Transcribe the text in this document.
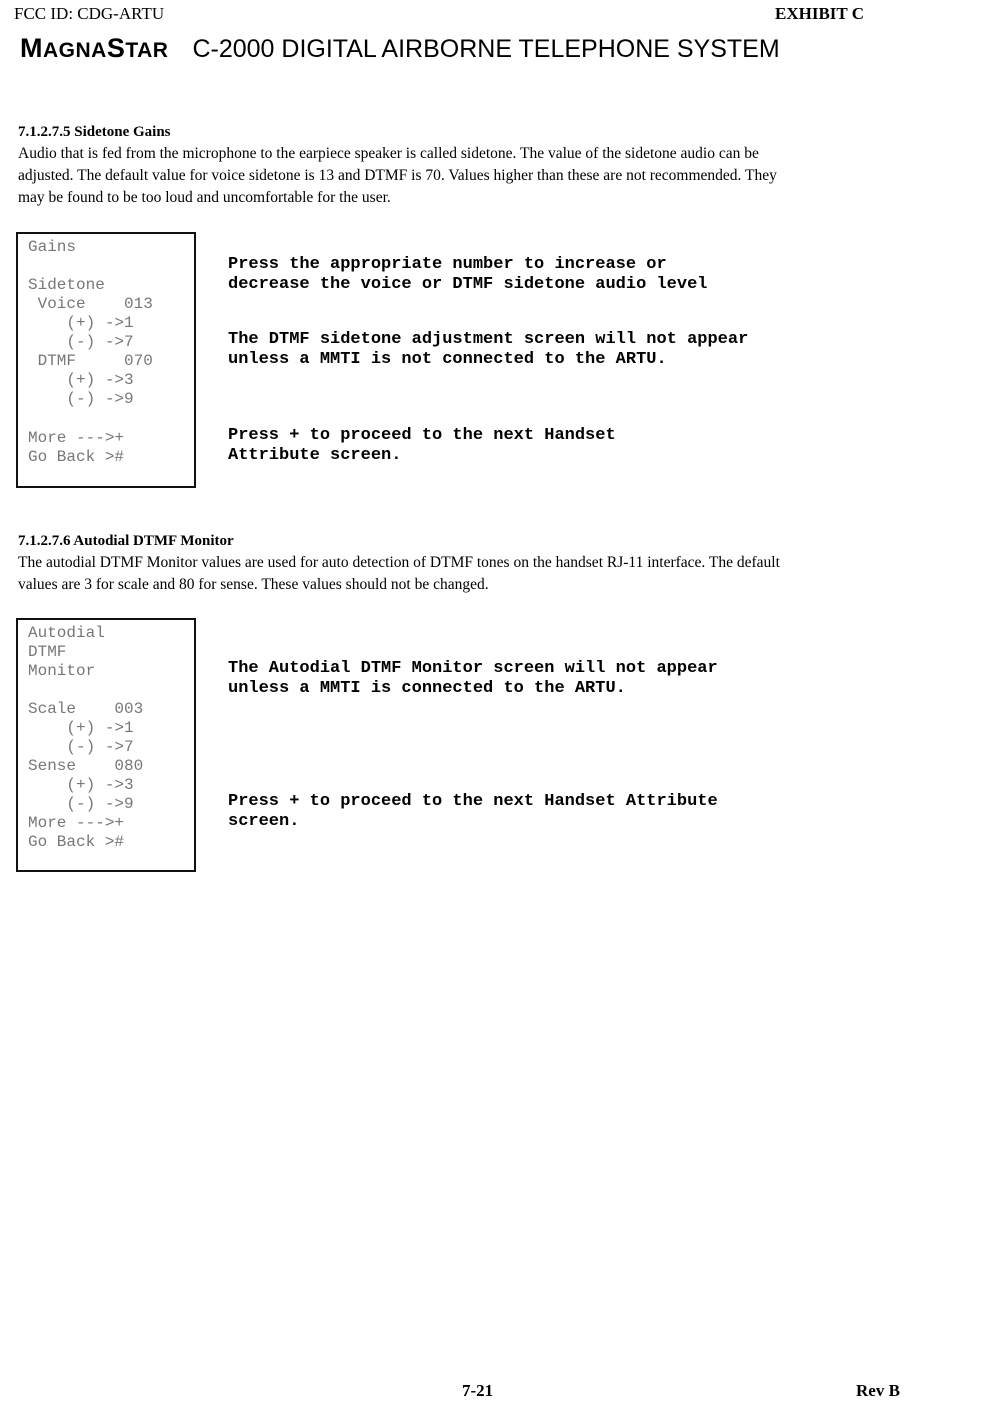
FCC ID: CDG-ARTU	EXHIBIT C
MAGNASTAR C-2000 DIGITAL AIRBORNE TELEPHONE SYSTEM
7.1.2.7.5 Sidetone Gains
Audio that is fed from the microphone to the earpiece speaker is called sidetone. The value of the sidetone audio can be
adjusted. The default value for voice sidetone is 13 and DTMF is 70. Values higher than these are not recommended. They
may be found to be too loud and uncomfortable for the user.
Gains
Sidetone
Voice    013
(+) ->1
(-) ->7
DTMF     070
(+) ->3
(-) ->9
More --->+
Go Back >#
Press the appropriate number to increase or
decrease the voice or DTMF sidetone audio level
The DTMF sidetone adjustment screen will not appear
unless a MMTI is not connected to the ARTU.
Press + to proceed to the next Handset
Attribute screen.
7.1.2.7.6 Autodial DTMF Monitor
The autodial DTMF Monitor values are used for auto detection of DTMF tones on the handset RJ-11 interface. The default
values are 3 for scale and 80 for sense. These values should not be changed.
Autodial
DTMF
Monitor
Scale    003
(+) ->1
(-) ->7
Sense    080
(+) ->3
(-) ->9
More --->+
Go Back >#
The Autodial DTMF Monitor screen will not appear
unless a MMTI is connected to the ARTU.
Press + to proceed to the next Handset Attribute
screen.
7-21	Rev B
